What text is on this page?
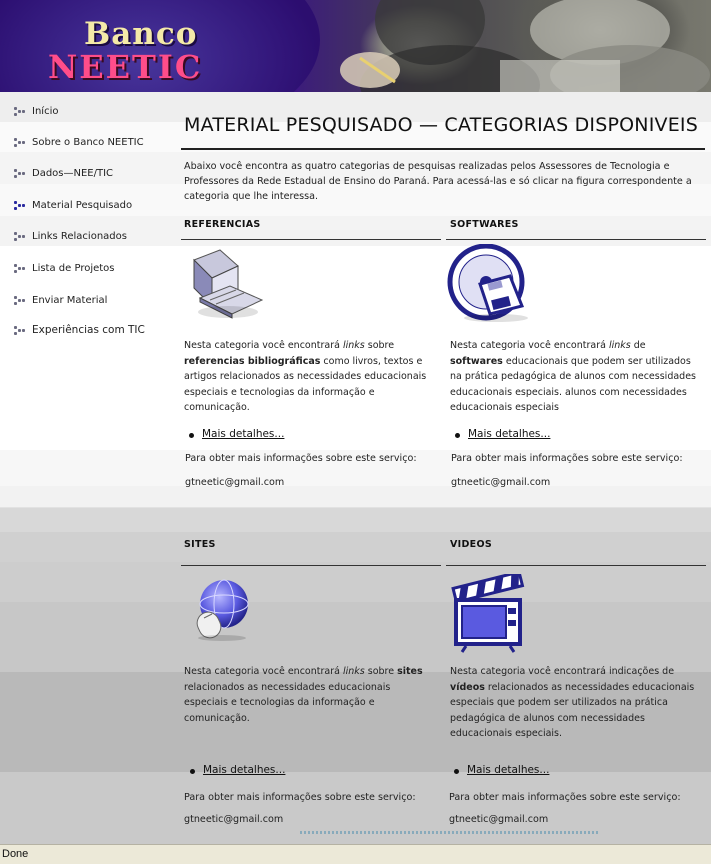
Banco
NEETIC
Início
Sobre o Banco NEETIC
Dados—NEE/TIC
Material Pesquisado
Links Relacionados
Lista de Projetos
Enviar Material
Experiências com TIC
MATERIAL PESQUISADO — CATEGORIAS DISPONIVEIS
Abaixo você encontra as quatro categorias de pesquisas realizadas pelos Assessores de Tecnologia e Professores da Rede Estadual de Ensino do Paraná. Para acessá-las e só clicar na figura correspondente a categoria que lhe interessa.
REFERENCIAS
Nesta categoria você encontrará links sobre referencias bibliográficas como livros, textos e artigos relacionados as necessidades educacionais especiais e tecnologias da informação e comunicação.
Mais detalhes...
Para obter mais informações sobre este serviço:
gtneetic@gmail.com
SOFTWARES
Nesta categoria você encontrará links de softwares educacionais que podem ser utilizados na prática pedagógica de alunos com necessidades educacionais especiais. alunos com necessidades educacionais especiais
Mais detalhes...
Para obter mais informações sobre este serviço:
gtneetic@gmail.com
SITES
Nesta categoria você encontrará links sobre sites relacionados as necessidades educacionais especiais e tecnologias da informação e comunicação.
Mais detalhes...
Para obter mais informações sobre este serviço:
gtneetic@gmail.com
VIDEOS
Nesta categoria você encontrará indicações de vídeos relacionados as necessidades educacionais especiais que podem ser utilizados na prática pedagógica de alunos com necessidades educacionais especiais.
Mais detalhes...
Para obter mais informações sobre este serviço:
gtneetic@gmail.com
Done
